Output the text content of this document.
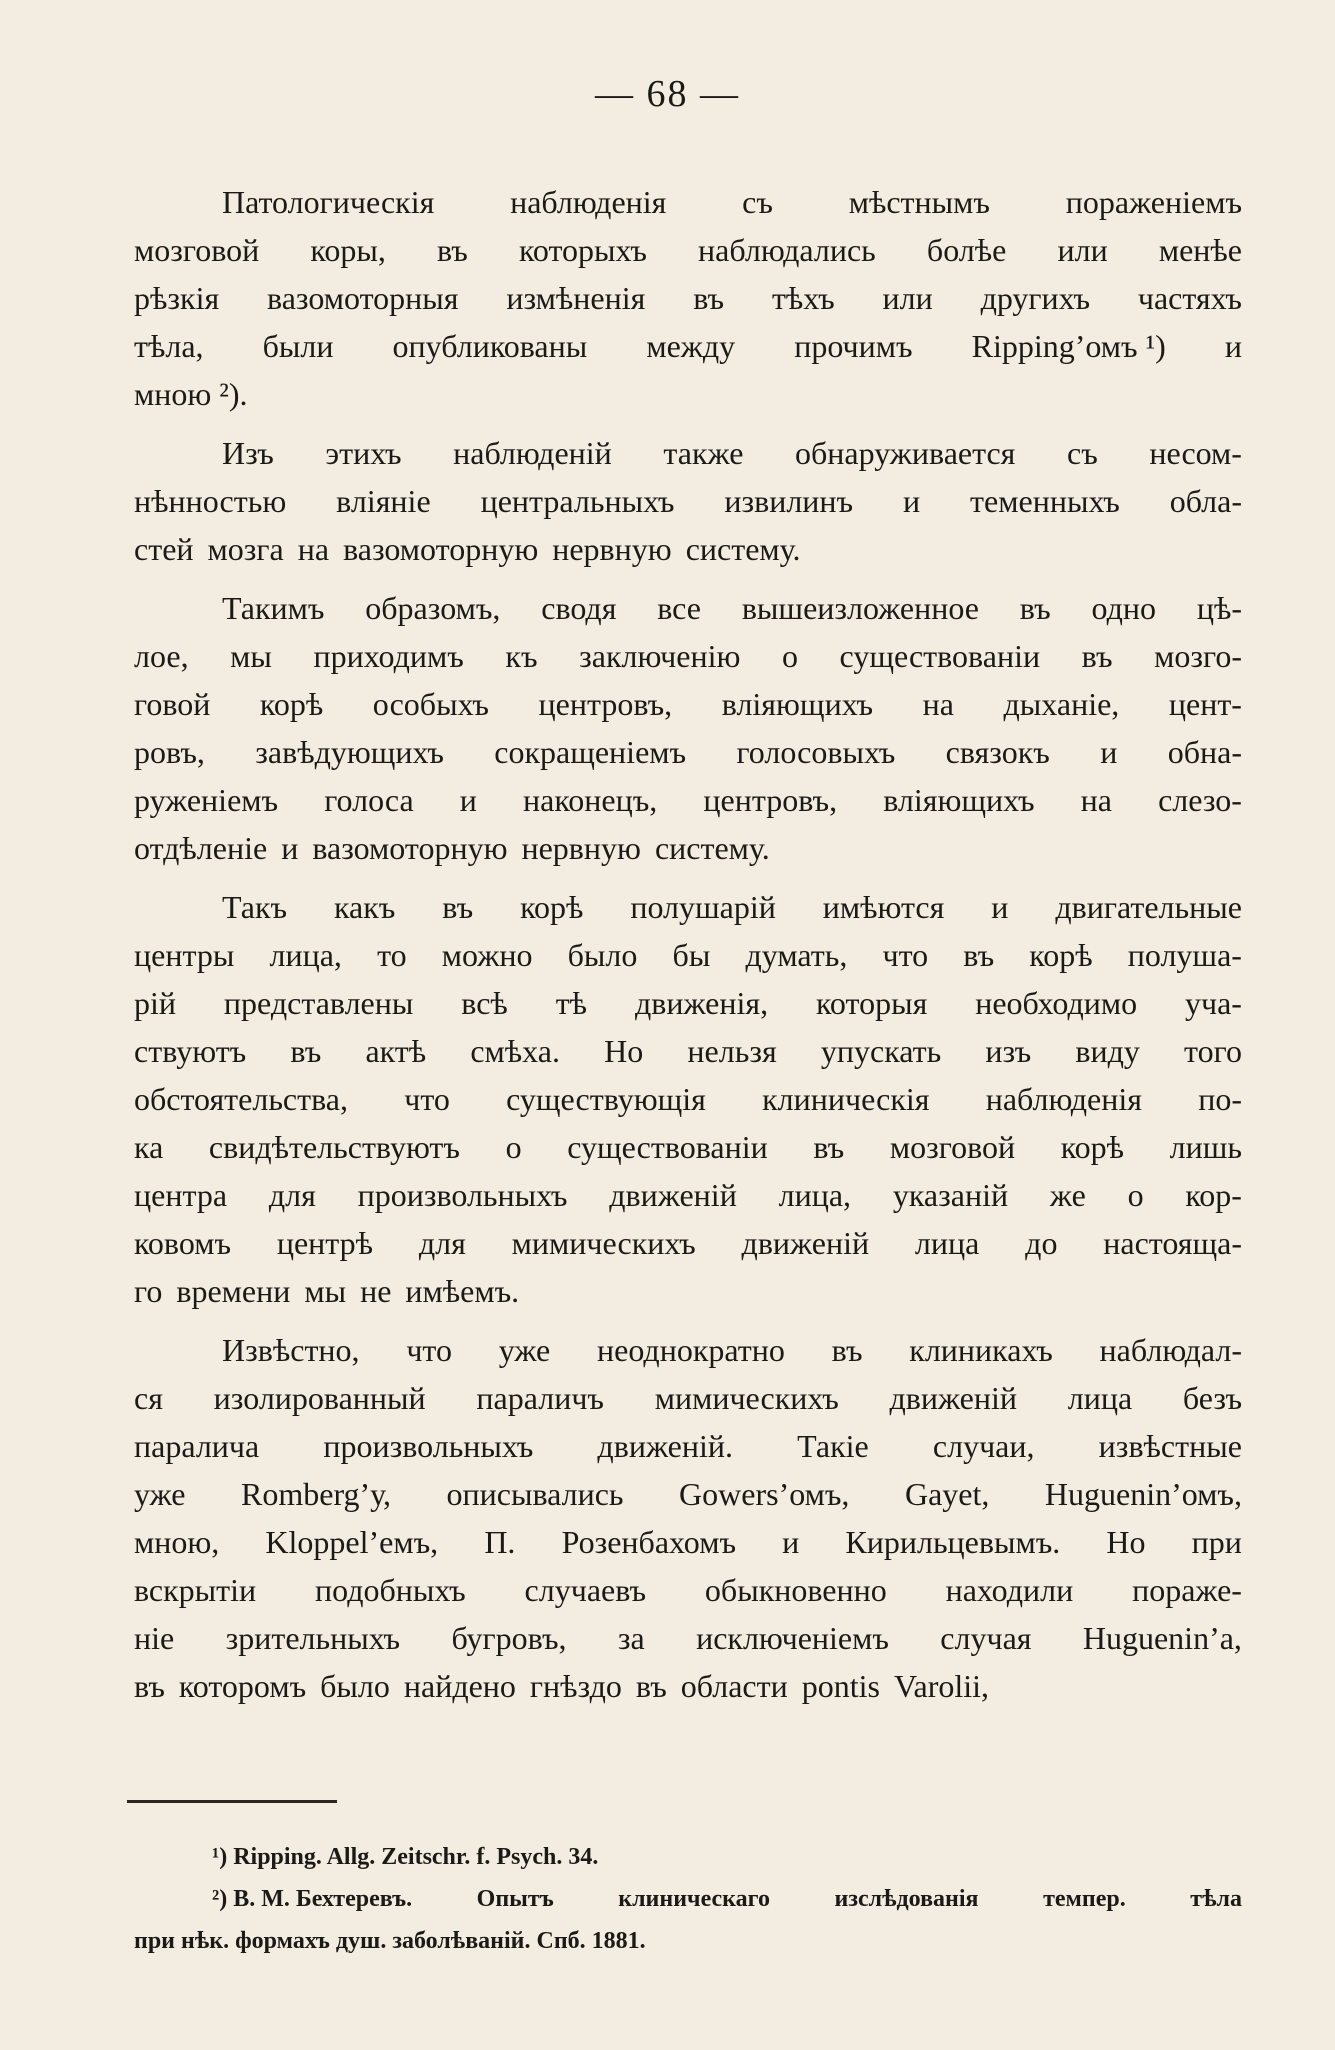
— 68 —
Патологическія наблюденія съ мѣстнымъ пораженіемъ
мозговой коры, въ которыхъ наблюдались болѣе или менѣе
рѣзкія вазомоторныя измѣненія въ тѣхъ или другихъ частяхъ
тѣла, были опубликованы между прочимъ Rippingʼомъ ¹) и
мною ²).
Изъ этихъ наблюденій также обнаруживается съ несом-
нѣнностью вліяніе центральныхъ извилинъ и теменныхъ обла-
стей мозга на вазомоторную нервную систему.
Такимъ образомъ, сводя все вышеизложенное въ одно цѣ-
лое, мы приходимъ къ заключенію о существованіи въ мозго-
говой корѣ особыхъ центровъ, вліяющихъ на дыханіе, цент-
ровъ, завѣдующихъ сокращеніемъ голосовыхъ связокъ и обна-
руженіемъ голоса и наконецъ, центровъ, вліяющихъ на слезо-
отдѣленіе и вазомоторную нервную систему.
Такъ какъ въ корѣ полушарій имѣются и двигательные
центры лица, то можно было бы думать, что въ корѣ полуша-
рій представлены всѣ тѣ движенія, которыя необходимо уча-
ствуютъ въ актѣ смѣха. Но нельзя упускать изъ виду того
обстоятельства, что существующія клиническія наблюденія по-
ка свидѣтельствуютъ о существованіи въ мозговой корѣ лишь
центра для произвольныхъ движеній лица, указаній же о кор-
ковомъ центрѣ для мимическихъ движеній лица до настояща-
го времени мы не имѣемъ.
Извѣстно, что уже неоднократно въ клиникахъ наблюдал-
ся изолированный параличъ мимическихъ движеній лица безъ
паралича произвольныхъ движеній. Такіе случаи, извѣстные
уже Rombergʼу, описывались Gowersʼомъ, Gayet, Hugueninʼомъ,
мною, Kloppelʼемъ, П. Розенбахомъ и Кирильцевымъ. Но при
вскрытіи подобныхъ случаевъ обыкновенно находили пораже-
ніе зрительныхъ бугровъ, за исключеніемъ случая Hugueninʼа,
въ которомъ было найдено гнѣздо въ области pontis Varolii,
¹) Ripping. Allg. Zeitschr. f. Psych. 34.
²) В. М. Бехтеревъ.	Опытъ	клиническаго	изслѣдованія	темпер.	тѣла
при нѣк. формахъ душ. заболѣваній. Спб. 1881.
